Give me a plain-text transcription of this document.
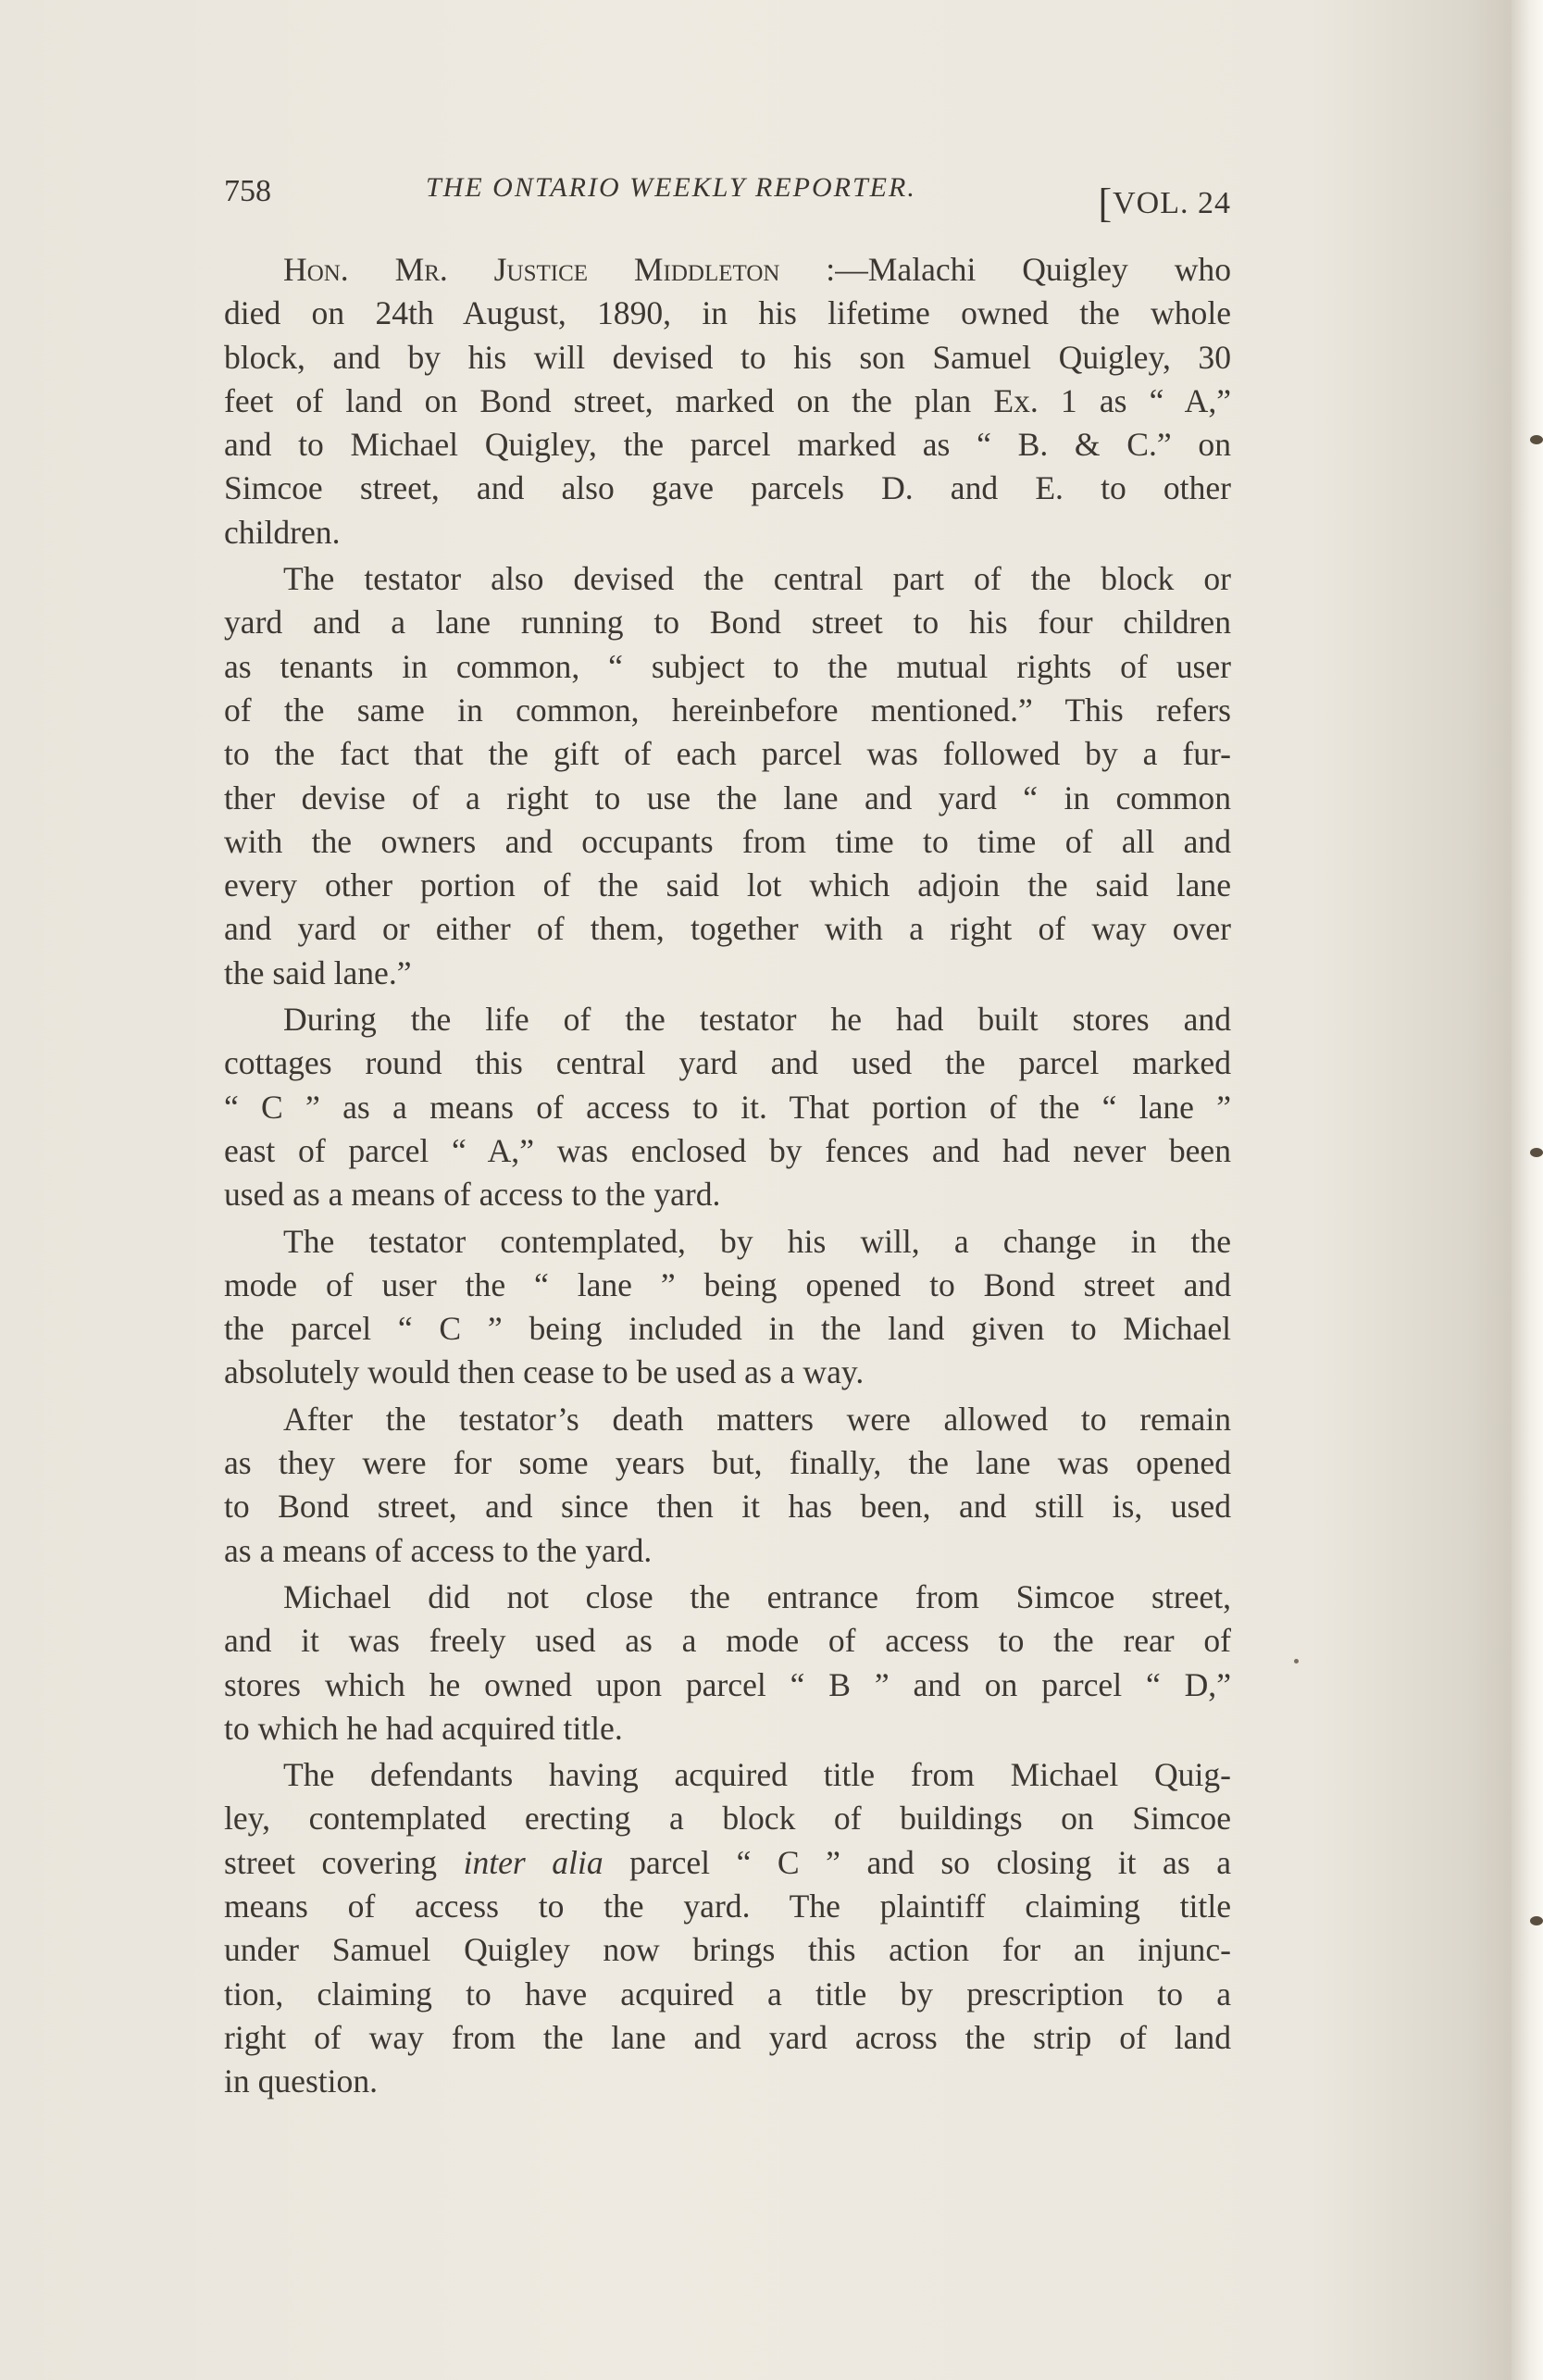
758	THE ONTARIO WEEKLY REPORTER.	[VOL. 24
Hon. Mr. Justice Middleton :—Malachi Quigley who
died on 24th August, 1890, in his lifetime owned the whole
block, and by his will devised to his son Samuel Quigley, 30
feet of land on Bond street, marked on the plan Ex. 1 as “ A,”
and to Michael Quigley, the parcel marked as “ B. & C.” on
Simcoe street, and also gave parcels D. and E. to other
children.
The testator also devised the central part of the block or
yard and a lane running to Bond street to his four children
as tenants in common, “ subject to the mutual rights of user
of the same in common, hereinbefore mentioned.” This refers
to the fact that the gift of each parcel was followed by a fur-
ther devise of a right to use the lane and yard “ in common
with the owners and occupants from time to time of all and
every other portion of the said lot which adjoin the said lane
and yard or either of them, together with a right of way over
the said lane.”
During the life of the testator he had built stores and
cottages round this central yard and used the parcel marked
“ C ” as a means of access to it. That portion of the “ lane ”
east of parcel “ A,” was enclosed by fences and had never been
used as a means of access to the yard.
The testator contemplated, by his will, a change in the
mode of user the “ lane ” being opened to Bond street and
the parcel “ C ” being included in the land given to Michael
absolutely would then cease to be used as a way.
After the testator’s death matters were allowed to remain
as they were for some years but, finally, the lane was opened
to Bond street, and since then it has been, and still is, used
as a means of access to the yard.
Michael did not close the entrance from Simcoe street,
and it was freely used as a mode of access to the rear of
stores which he owned upon parcel “ B ” and on parcel “ D,”
to which he had acquired title.
The defendants having acquired title from Michael Quig-
ley, contemplated erecting a block of buildings on Simcoe
street covering inter alia parcel “ C ” and so closing it as a
means of access to the yard. The plaintiff claiming title
under Samuel Quigley now brings this action for an injunc-
tion, claiming to have acquired a title by prescription to a
right of way from the lane and yard across the strip of land
in question.
